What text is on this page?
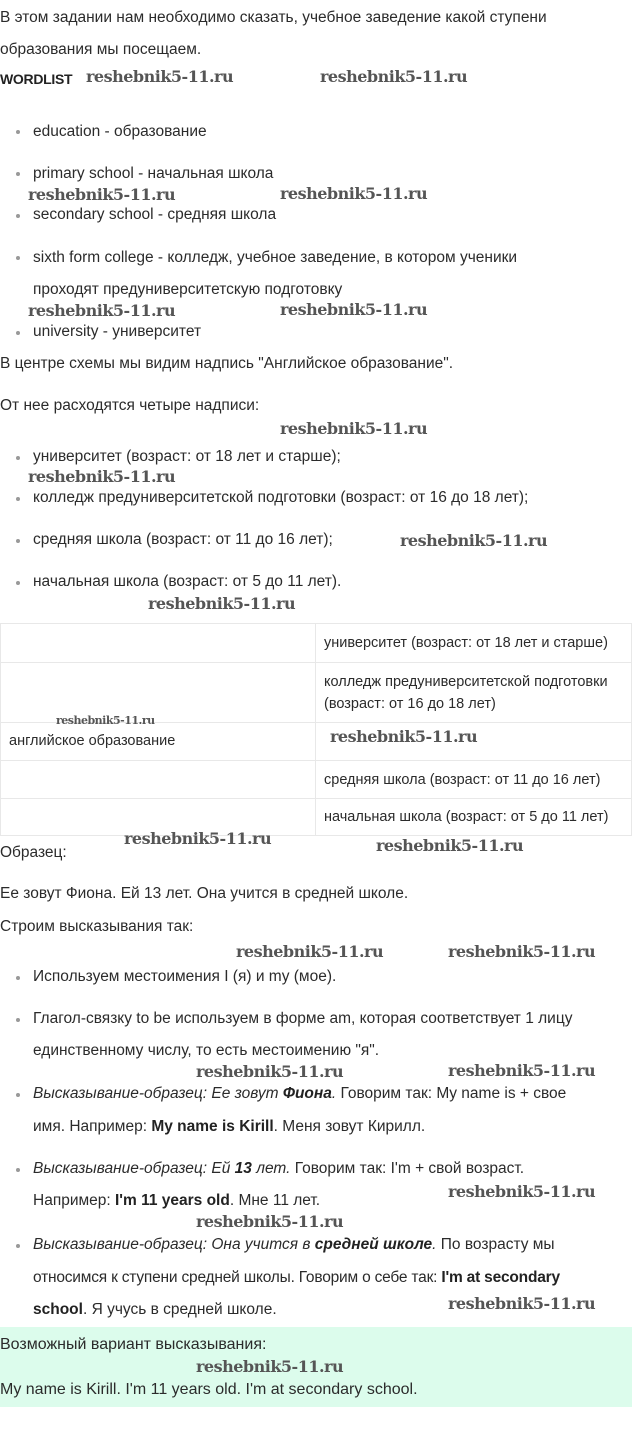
В этом задании нам необходимо сказать, учебное заведение какой ступени
образования мы посещаем.
WORDLIST
education - образование
primary school - начальная школа
secondary school - средняя школа
sixth form college - колледж, учебное заведение, в котором ученики
проходят предуниверситетскую подготовку
university - университет
В центре схемы мы видим надпись "Английское образование".
От нее расходятся четыре надписи:
университет (возраст: от 18 лет и старше);
колледж предуниверситетской подготовки (возраст: от 16 до 18 лет);
средняя школа (возраст: от 11 до 16 лет);
начальная школа (возраст: от 5 до 11 лет).
	университет (возраст: от 18 лет и старше)
	колледж предуниверситетской подготовки (возраст: от 16 до 18 лет)
английское образование	
	средняя школа (возраст: от 11 до 16 лет)
	начальная школа (возраст: от 5 до 11 лет)
Образец:
Ее зовут Фиона. Ей 13 лет. Она учится в средней школе.
Строим высказывания так:
Используем местоимения I (я) и my (мое).
Глагол-связку to be используем в форме am, которая соответствует 1 лицу
единственному числу, то есть местоимению "я".
Высказывание-образец: Ее зовут Фиона. Говорим так: My name is + свое
имя. Например: My name is Kirill. Меня зовут Кирилл.
Высказывание-образец: Ей 13 лет. Говорим так: I'm + свой возраст.
Например: I'm 11 years old. Мне 11 лет.
Высказывание-образец: Она учится в средней школе. По возрасту мы
относимся к ступени средней школы. Говорим о себе так: I'm at secondary
school. Я учусь в средней школе.
Возможный вариант высказывания:
My name is Kirill. I'm 11 years old. I'm at secondary school.
reshebnik5-11.ru	reshebnik5-11.ru
reshebnik5-11.ru	reshebnik5-11.ru
reshebnik5-11.ru	reshebnik5-11.ru
reshebnik5-11.ru
reshebnik5-11.ru
reshebnik5-11.ru
reshebnik5-11.ru
reshebnik5-11.ru
reshebnik5-11.ru
reshebnik5-11.ru	reshebnik5-11.ru
reshebnik5-11.ru	reshebnik5-11.ru
reshebnik5-11.ru	reshebnik5-11.ru
reshebnik5-11.ru
reshebnik5-11.ru
reshebnik5-11.ru
reshebnik5-11.ru
